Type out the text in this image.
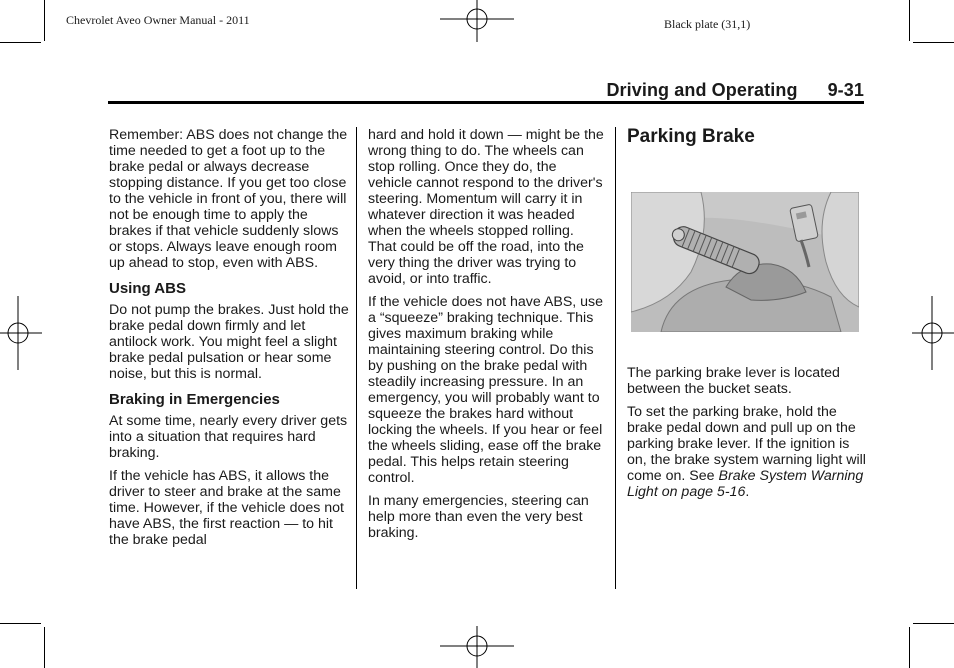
Chevrolet Aveo Owner Manual - 2011	Black plate (31,1)
Driving and Operating 9-31

Remember: ABS does not change the time needed to get a foot up to the brake pedal or always decrease stopping distance. If you get too close to the vehicle in front of you, there will not be enough time to apply the brakes if that vehicle suddenly slows or stops. Always leave enough room up ahead to stop, even with ABS.

Using ABS

Do not pump the brakes. Just hold the brake pedal down firmly and let antilock work. You might feel a slight brake pedal pulsation or hear some noise, but this is normal.

Braking in Emergencies

At some time, nearly every driver gets into a situation that requires hard braking.

If the vehicle has ABS, it allows the driver to steer and brake at the same time. However, if the vehicle does not have ABS, the first reaction — to hit the brake pedal

hard and hold it down — might be the wrong thing to do. The wheels can stop rolling. Once they do, the vehicle cannot respond to the driver's steering. Momentum will carry it in whatever direction it was headed when the wheels stopped rolling. That could be off the road, into the very thing the driver was trying to avoid, or into traffic.

If the vehicle does not have ABS, use a “squeeze” braking technique. This gives maximum braking while maintaining steering control. Do this by pushing on the brake pedal with steadily increasing pressure. In an emergency, you will probably want to squeeze the brakes hard without locking the wheels. If you hear or feel the wheels sliding, ease off the brake pedal. This helps retain steering control.

In many emergencies, steering can help more than even the very best braking.

Parking Brake

The parking brake lever is located between the bucket seats.

To set the parking brake, hold the brake pedal down and pull up on the parking brake lever. If the ignition is on, the brake system warning light will come on. See Brake System Warning Light on page 5-16.
